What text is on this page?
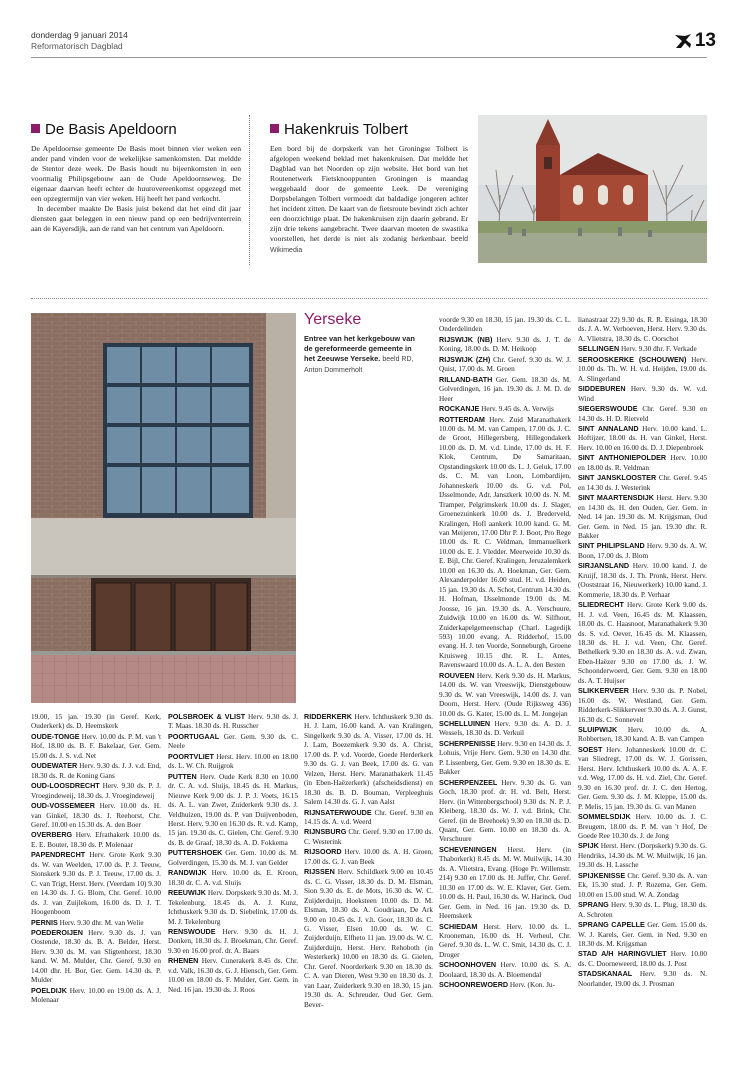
donderdag 9 januari 2014
Reformatorisch Dagblad	13
De Basis Apeldoorn

De Apeldoornse gemeente De Basis moet binnen vier weken een ander pand vinden voor de wekelijkse samenkomsten. Dat meldde de Stentor deze week. De Basis houdt nu bijeenkomsten in een voormalig Philipsgebouw aan de Oude Apeldoornseweg. De eigenaar daarvan heeft echter de huurovereenkomst opgezegd met een opzegtermijn van vier weken. Hij heeft het pand verkocht.

In december maakte De Basis juist bekend dat het eind dit jaar diensten gaat beleggen in een nieuw pand op een bedrijventerrein aan de Kayersdijk, aan de rand van het centrum van Apeldoorn.

Hakenkruis Tolbert

Een bord bij de dorpskerk van het Groningse Tolbert is afgelopen weekend beklad met hakenkruisen. Dat meldde het Dagblad van het Noorden op zijn website. Het bord van het Routenetwerk Fietsknooppunten Groningen is maandag weggehaald door de gemeente Leek. De vereniging Dorpsbelangen Tolbert vermoedt dat baldadige jongeren achter het incident zitten. De kaart van de fietsroute bevindt zich achter een doorzichtige plaat. De hakenkruisen zijn daarin gebrand. Er zijn drie tekens aangebracht. Twee daarvan moeten de swastika voorstellen, het derde is niet als zodanig herkenbaar. beeld Wikimedia

Yerseke
Entree van het kerkgebouw van de gereformeerde gemeente in het Zeeuwse Yerseke. beeld RD, Anton Dommerholt
voorde 9.30 en 18.30, 15 jan. 19.30 ds. C. L. Onderdelinden
RIJSWIJK (NB) Herv. 9.30 ds. J. T. de Koning, 18.00 ds. D. M. Heikoop
RIJSWIJK (ZH) Chr. Geref. 9.30 ds. W. J. Quist, 17.00 ds. M. Groen
RILLAND-BATH Ger. Gem. 18.30 ds. M. Golverdingen, 16 jan. 19.30 ds. J. M. D. de Heer
ROCKANJE Herv. 9.45 ds. A. Verwijs
ROTTERDAM Herv. Zuid Maranathakerk 10.00 ds. M. M. van Campen, 17.00 ds. J. C. de Groot, Hillegersberg, Hillegondakerk 10.00 ds. D. M. v.d. Linde, 17.00 ds. H. F. Klok, Centrum, De Samaritaan, Opstandingskerk 10.00 ds. L. J. Geluk, 17.00 ds. C. M. van Loon, Lombardijen, Johanneskerk 10.00 ds. G. v.d. Pol, IJsselmonde, Adr. Janszkerk 10.00 ds. N. M. Tramper, Pelgrimskerk 10.00 ds. J. Slager, Groenezuinkerk 10.00 ds. J. Brederveld, Kralingen, Hofl aankerk 10.00 kand. G. M. van Meijeren, 17.00 Dhr P. J. Boot, Pro Rege 10.00 ds. R. C. Veldman, Immanuelkerk 10.00 ds. E. J. Vledder. Meerweide 10.30 ds. E. Bijl, Chr. Geref. Kralingen, Jeruzalemkerk 10.00 en 16.30 ds. A. Hoekman, Ger. Gem. Alexanderpolder 16.00 stud. H. v.d. Heiden, 15 jan. 19.30 ds. A. Schot, Centrum 14.30 ds. H. Hofman, IJsselmonde 19.00 ds. M. Joosse, 16 jan. 19.30 ds. A. Verschuure, Zuidwijk 10.00 en 16.00 ds. W. Silfhout, Zuiderkapelgemeenschap (Charl. Lagedijk 593) 10.00 evang. A. Ridderhof, 15.00 evang. H. J. ten Voorde, Sonneburgh, Groene Kruisweg 10.15 dhr. R. L. Antes, Ravenswaard 10.00 ds. A. L. A. den Besten
ROUVEEN Herv. Kerk 9.30 ds. H. Markus, 14.00 ds. W. van Vreeswijk, Dienstgebouw 9.30 ds. W. van Vreeswijk, 14.00 ds. J. van Doorn, Herst. Herv. (Oude Rijksweg 436) 10.00 ds. G. Kater, 15.00 ds. L. M. Jongejan
SCHELLUINEN Herv. 9.30 ds. A. D. J. Wessels, 18.30 ds. D. Verkuil
SCHERPENISSE Herv. 9.30 en 14.30 ds. J. Lohuis, Vrije Herv. Gem. 9.30 en 14.30 dhr. P. Lissenberg, Ger. Gem. 9.30 en 18.30 ds. E. Bakker
SCHERPENZEEL Herv. 9.30 ds. G. van Goch, 18.30 prof. dr. H. vd. Belt, Herst. Herv. (in Wittenbergschool) 9.30 ds. N. P. J. Kleiberg, 18.30 ds. W. J. v.d. Brink, Chr. Geref. (in de Breehoek) 9.30 en 18.30 ds. D. Quant, Ger. Gem. 10.00 en 18.30 ds. A. Verschuure
SCHEVENINGEN Herst. Herv. (in Thaborkerk) 8.45 ds. M. W. Muilwijk, 14.30 ds. A. Vlietstra, Evang. (Hoge Pr. Willemstr. 214) 9.30 en 17.00 ds. H. Juffer, Chr. Geref. 10.30 en 17.00 ds. W. E. Klaver, Ger. Gem. 10.00 ds. H. Paul, 16.30 ds. W. Harinck. Oud Ger. Gem. in Ned. 16 jan. 19.30 ds. D. Heemskerk
SCHIEDAM Herst. Herv. 10.00 ds. L. Krooneman, 16.00 ds. H. Verheul, Chr. Geref. 9.30 ds. L. W. C. Smit, 14.30 ds. C. J. Droger
SCHOONHOVEN Herv. 10.00 ds. S. A. Doolaard, 18.30 ds. A. Bloemendal
SCHOONREWOERD Herv. (Kon. Ju-
lianastraat 22) 9.30 ds. R. R. Eisinga, 18.30 ds. J. A. W. Verhoeven, Herst. Herv. 9.30 ds. A. Vlietstra, 18.30 ds. C. Oorschot
SELLINGEN Herv. 9.30 dhr. F. Verkade
SEROOSKERKE (SCHOUWEN) Herv. 10.00 ds. Th. W. H. v.d. Heijden, 19.00 ds. A. Slingerland
SIDDEBUREN Herv. 9.30 ds. W. v.d. Wind
SIEGERSWOUDE Chr. Geref. 9.30 en 14.30 ds. H. D. Rietveld
SINT ANNALAND Herv. 10.00 kand. L. Hoftijzer, 18.00 ds. H. van Ginkel, Herst. Herv. 10.00 en 16.00 ds. D. J. Diepenbroek
SINT ANTHONIEPOLDER Herv. 10.00 en 18.00 ds. R. Veldman
SINT JANSKLOOSTER Chr. Geref. 9.45 en 14.30 ds. J. Westerink
SINT MAARTENSDIJK Herst. Herv. 9.30 en 14.30 ds. H. den Ouden, Ger. Gem. in Ned. 14 jan. 19.30 ds. M. Krijgsman, Oud Ger. Gem. in Ned. 15 jan. 19.30 dhr. R. Bakker
SINT PHILIPSLAND Herv. 9.30 ds. A. W. Boon, 17.00 ds. J. Blom
SIRJANSLAND Herv. 10.00 kand. J. de Kruijf, 18.30 ds. J. Th. Pronk, Herst. Herv. (Ooststraat 16, Nieuwerkerk) 10.00 kand. J. Kommerie, 18.30 ds. P. Verhaar
SLIEDRECHT Herv. Grote Kerk 9.00 ds. H. J. v.d. Veen, 16.45 ds. M. Klaassen, 18.00 ds. C. Haasnoot, Maranathakerk 9.30 ds. S. v.d. Oever, 16.45 ds. M. Klaassen, 18.30 ds. H. J. v.d. Veen, Chr. Geref. Bethelkerk 9.30 en 18.30 ds. A. v.d. Zwan, Eben-Haëzer 9.30 en 17.00 ds. J. W. Schoonderwoerd, Ger. Gem. 9.30 en 18.00 ds. A. T. Huijser
SLIKKERVEER Herv. 9.30 ds. P. Nobel, 16.00 ds. W. Westland, Ger. Gem. Ridderkerk-Slikkerveer 9.30 ds. A. J. Gunst, 16.30 ds. C. Sonnevelt
SLUIPWIJK Herv. 10.00 ds. A. Robbertsen, 18.30 kand. A. B. van Campen
SOEST Herv. Johanneskerk 10.00 dr. C. van Sliedregt, 17.00 ds. W. J. Gorissen, Herst. Herv. Ichthuskerk 10.00 ds. A. A. F. v.d. Weg, 17.00 ds. H. v.d. Ziel, Chr. Geref. 9.30 en 16.30 prof. dr. J. C. den Hertog, Ger. Gem. 9.30 ds. J. M. Kleppe, 15.00 ds. P. Melis, 15 jan. 19.30 ds. G. van Manen
SOMMELSDIJK Herv. 10.00 ds. J. C. Breugem, 18.00 ds. P. M. van 't Hof, De Goede Ree 10.30 ds. J. de Jong
SPIJK Herst. Herv. (Dorpskerk) 9.30 ds. G. Hendriks, 14.30 ds. M. W. Muilwijk, 16 jan. 19.30 ds. H. Lassche
SPIJKENISSE Chr. Geref. 9.30 ds. A. van Ek, 15.30 stud. J. P. Rozema, Ger. Gem. 10.00 en 15.00 stud. W. A. Zondag
SPRANG Herv. 9.30 ds. L. Plug, 18.30 ds. A. Schroten
SPRANG CAPELLE Ger. Gem. 15.00 ds. W. J. Karels, Ger. Gem. in Ned. 9.30 en 18.30 ds. M. Krijgsman
STAD A/H HARINGVLIET Herv. 10.00 ds. C. Doorneweerd, 18.00 ds. J. Post
STADSKANAAL Herv. 9.30 ds. N. Noorlander, 19.00 ds. J. Prosman
19.00, 15 jan. 19.30 (in Geref. Kerk, Ouderkerk) ds. D. Heemskerk
OUDE-TONGE Herv. 10.00 ds. P. M. van 't Hof, 18.00 ds. B. F. Bakelaar, Ger. Gem. 15.00 ds. J. S. v.d. Net
OUDEWATER Herv. 9.30 ds. J. J. v.d. End, 18.30 ds. R. de Koning Gans
OUD-LOOSDRECHT Herv. 9.30 ds. P. J. Vroegindeweij, 18.30 ds. J. Vroegindeweij
OUD-VOSSEMEER Herv. 10.00 ds. H. van Ginkel, 18.30 ds. J. Reehorst, Chr. Geref. 10.00 en 15.30 ds. A. den Boer
OVERBERG Herv. Efrathakerk 10.00 ds. E. E. Bouter, 18.30 ds. P. Molenaar
PAPENDRECHT Herv. Grote Kerk 9.30 ds. W. van Weelden, 17.00 ds. P. J. Teeuw, Sionskerk 9.30 ds. P. J. Teeuw, 17.00 ds. J. C. van Trigt, Herst. Herv. (Veerdam 10) 9.30 en 14.30 ds. J. G. Blom, Chr. Geref. 10.00 ds. J. van Zuijlekom, 16.00 ds. D. J. T. Hoogenboom
PERNIS Herv. 9.30 dhr. M. van Welie
POEDEROIJEN Herv. 9.30 ds. J. van Oostende, 18.30 ds. B. A. Belder, Herst. Herv. 9.30 ds. M. van Sligtenhorst, 18.30 kand. W. M. Mulder, Chr. Geref. 9.30 en 14.00 dhr. H. Bor, Ger. Gem. 14.30 ds. P. Mulder
POELDIJK Herv. 10.00 en 19.00 ds. A. J. Molenaar
POLSBROEK & VLIST Herv. 9.30 ds. J. T. Maas. 18.30 ds. H. Russcher
POORTUGAAL Ger. Gem. 9.30 ds. C. Neele
POORTVLIET Herst. Herv. 10.00 en 18.00 ds. L. W. Ch. Ruijgrok
PUTTEN Herv. Oude Kerk 8.30 en 10.00 dr. C. A. v.d. Sluijs, 18.45 ds. H. Markus, Nieuwe Kerk 9.00 ds. J. P. J. Voets, 16.15 ds. A. L. van Zwet, Zuiderkerk 9.30 ds. J. Veldhuizen, 19.00 ds. P. van Duijvenboden, Herst. Herv. 9.30 en 16.30 ds. R. v.d. Kamp, 15 jan. 19.30 ds. C. Gielen, Chr. Geref. 9.30 ds. B. de Graaf, 18.30 ds. A. D. Fokkema
PUTTERSHOEK Ger. Gem. 10.00 ds. M. Golverdingen, 15.30 ds. M. J. van Gelder
RANDWIJK Herv. 10.00 ds. E. Kroon, 18.30 dr. C. A. v.d. Sluijs
REEUWIJK Herv. Dorpskerk 9.30 ds. M. J. Tekelenburg, 18.45 ds. A. J. Kunz, Ichthuskerk 9.30 ds. D. Siebelink, 17.00 ds. M. J. Tekelenburg
RENSWOUDE Herv. 9.30 ds. H. J. Donken, 18.30 ds. J. Broekman, Chr. Geref. 9.30 en 16.00 prof. dr. A. Baars
RHENEN Herv. Cunerakerk 8.45 ds. Chr. v.d. Valk, 16.30 ds. G. J. Hiensch, Ger. Gem. 10.00 en 18.00 ds. F. Mulder, Ger. Gem. in Ned. 16 jan. 19.30 ds. J. Roos
RIDDERKERK Herv. Ichthuskerk 9.30 ds. H. J. Lam, 16.00 kand. A. van Kralingen, Singelkerk 9.30 ds. A. Visser, 17.00 ds. H. J. Lam, Boezemkerk 9.30 ds. A. Christ, 17.00 ds. P. v.d. Voorde, Goede Herderkerk 9.30 ds. G. J. van Beek, 17.00 ds. G. van Velzen, Herst. Herv. Maranathakerk 11.45 (in Eben-Haëzerkerk) (afscheidsdienst) en 18.30 ds. B. D. Bouman, Verpleeghuis Salem 14.30 ds. G. J. van Aalst
RIJNSATERWOUDE Chr. Geref. 9.30 en 14.15 ds. A. v.d. Weerd
RIJNSBURG Chr. Geref. 9.30 en 17.00 ds. C. Westerink
RIJSOORD Herv. 10.00 ds. A. H. Groen, 17.00 ds. G. J. van Beek
RIJSSEN Herv. Schildkerk 9.00 en 10.45 ds. C. G. Visser, 18.30 ds. D. M. Elsman, Sion 9.30 ds. E. de Mots, 16.30 ds. W. C. Zuijderduijn, Hoeksteen 10.00 ds. D. M. Elsman, 18.30 ds. A. Goudriaan, De Ark 9.00 en 10.45 ds. J. v.h. Goor, 18.30 ds. C. G. Visser, Elsen 10.00 ds. W. C. Zuijderduijn, Elfheto 11 jan. 19.00 ds. W. C. Zuijderduijn, Herst. Herv. Rehoboth (in Westerkerk) 10.00 en 18.30 ds. G. Gielen, Chr. Geref. Noorderkerk 9.30 en 18.30 ds. C. A. van Dieren, West 9.30 en 18.30 ds. J. van Laar, Zuiderkerk 9.30 en 18.30, 15 jan. 19.30 ds. A. Schreuder, Oud Ger. Gem. Bever-
